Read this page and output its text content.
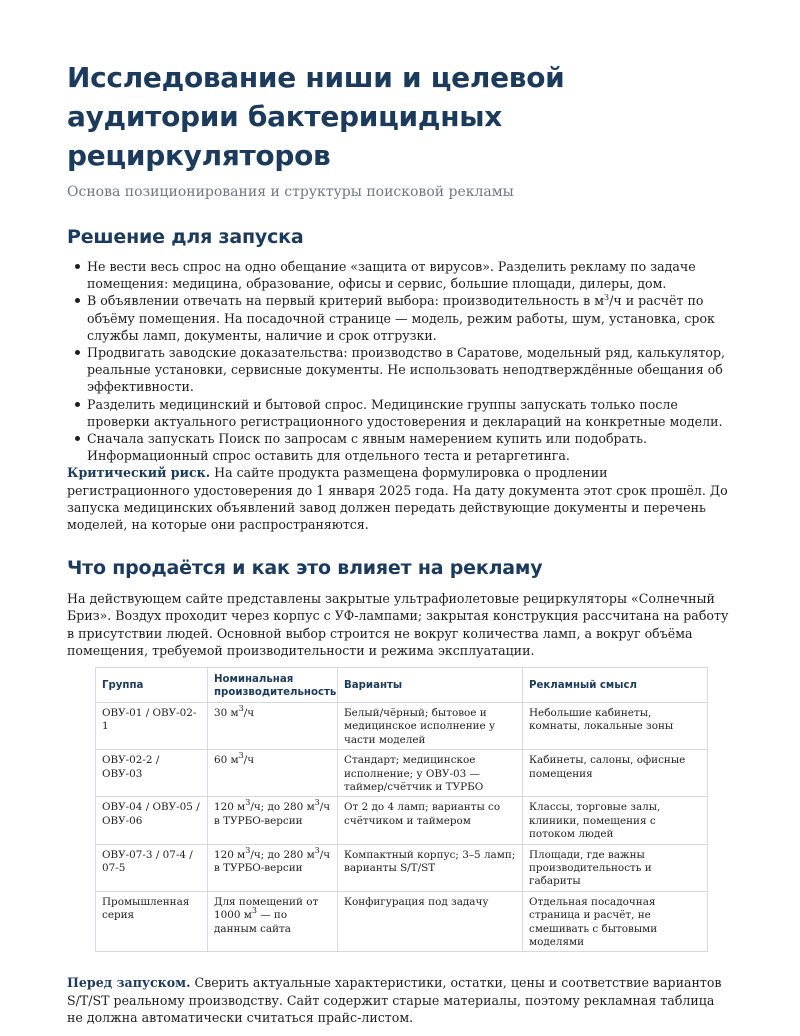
Исследование ниши и целевой аудитории бактерицидных рециркуляторов
Основа позиционирования и структуры поисковой рекламы
Решение для запуска
Не вести весь спрос на одно обещание «защита от вирусов». Разделить рекламу по задаче помещения: медицина, образование, офисы и сервис, большие площади, дилеры, дом.
В объявлении отвечать на первый критерий выбора: производительность в $м^3/ч$ и расчёт по объёму помещения. На посадочной странице — модель, режим работы, шум, установка, срок службы ламп, документы, наличие и срок отгрузки.
Продвигать заводские доказательства: производство в Саратове, модельный ряд, калькулятор, реальные установки, сервисные документы. Не использовать неподтверждённые обещания об эффективности.
Разделить медицинский и бытовой спрос. Медицинские группы запускать только после проверки актуального регистрационного удостоверения и деклараций на конкретные модели.
Сначала запускать Поиск по запросам с явным намерением купить или подобрать. Информационный спрос оставить для отдельного теста и ретаргетинга.

Критический риск. На сайте продукта размещена формулировка о продлении регистрационного удостоверения до 1 января 2025 года. На дату документа этот срок прошёл. До запуска медицинских объявлений завод должен передать действующие документы и перечень моделей, на которые они распространяются.

Что продаётся и как это влияет на рекламу

На действующем сайте представлены закрытые ультрафиолетовые рециркуляторы «Солнечный Бриз». Воздух проходит через корпус с УФ-лампами; закрытая конструкция рассчитана на работу в присутствии людей. Основной выбор строится не вокруг количества ламп, а вокруг объёма помещения, требуемой производительности и режима эксплуатации.

Группа	Номинальная производительность	Варианты	Рекламный смысл
ОВУ-01 / ОВУ-02-1	30 $м^3/ч$	Белый/чёрный; бытовое и медицинское исполнение у части моделей	Небольшие кабинеты, комнаты, локальные зоны
ОВУ-02-2 / ОВУ-03	60 $м^3/ч$	Стандарт; медицинское исполнение; у ОВУ-03 — таймер/счётчик и ТУРБО	Кабинеты, салоны, офисные помещения
ОВУ-04 / ОВУ-05 / ОВУ-06	120 $м^3/ч$; до 280 $м^3/ч$ в ТУРБО-версии	От 2 до 4 ламп; варианты со счётчиком и таймером	Классы, торговые залы, клиники, помещения с потоком людей
ОВУ-07-3 / 07-4 / 07-5	120 $м^3/ч$; до 280 $м^3/ч$ в ТУРБО-версии	Компактный корпус; 3–5 ламп; варианты S/T/ST	Площади, где важны производительность и габариты
Промышленная серия	Для помещений от 1000 $м^3$ — по данным сайта	Конфигурация под задачу	Отдельная посадочная страница и расчёт, не смешивать с бытовыми моделями

Перед запуском. Сверить актуальные характеристики, остатки, цены и соответствие вариантов S/T/ST реальному производству. Сайт содержит старые материалы, поэтому рекламная таблица не должна автоматически считаться прайс-листом.
